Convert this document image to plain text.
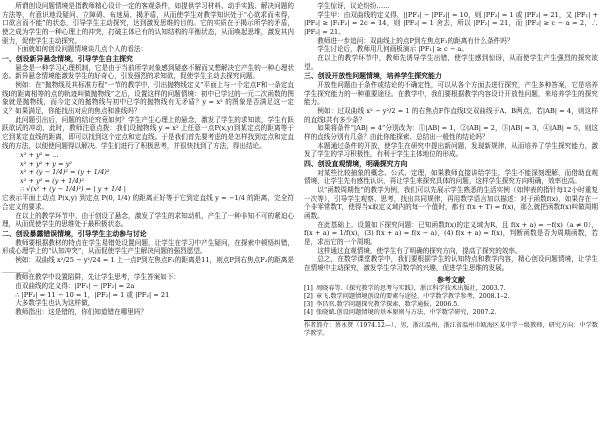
所谓创设问题情境是指教师精心设计一定的客观条件，如提供学习材料、动手实践、解决问题的方法等，有意识地设疑问、立障碍、布迷局、揭矛盾，从而使学生对教学知识处于“心欲求而未得，口欲言而不能”的状态，引导学生主动探究，达到激发思维的目的。它的实质在于揭示所学的矛盾，使之成为学生的一种心理上的冲突，打破主体已有的认知结构的平衡状态，从而唤起思维，激发其内驱力，促使学生主动探究。

下面就如何创设问题情境谈几点个人的看法：

一、创设新异悬念情境，引导学生自主探究

悬念是一种学习心理机制，它是由于当前所学对象感到疑惑不解而又想解决它产生的一种心理状态。新异悬念情境能激发学生的好奇心，引发强烈的求知欲，促使学生主动去探究问题。

例如：在“抛物线及其标准方程”一节的教学中，引出抛物线定义“平面上与一个定点F和一条定直线l的距离相等的点的轨迹叫做抛物线”之后，设置这样的问题情境：初中已学过的一元二次函数的图象就是抛物线，而今定义的抛物线与初中已学的抛物线有无矛盾？y = x² 的图象是否满足这一定义？如果满足，你能找出对应的焦点和准线吗？

此问题引出后，问题的结论究竟如何？学生产生心理上的悬念，激发了学生的求知欲，学生有跃跃欲试的冲动，此时，教师注意点拨：我们设抛物线 y = x² 上任意一点P(x,y)到某定点的距离等于它到某定直线的距离，即可以找到这个定点和定直线。于是我们首先要考虑的是怎样找到定点和定直线的方法，以便使问题得以解决。学生们进行了积极思考，并很快找到了方法，得出结论。

x² + y² = …
x² + y² + y = y²
x² + (y − 1/4)² = (y + 1/4)²
x² + y² = (y + 1/4)²
∴ √(x² + (y − 1/4)²) = | y + 1/4 |

它表示平面上动点 P(x,y) 到定点 P(0, 1/4) 的距离正好等于它到定直线 y = −1/4 的距离，完全符合定义的要求。

在以上的教学环节中，由于创设了悬念，激发了学生的求知动机，产生了一种非知不可的紧迫心理，从而促使学生的思维处于最积极状态。

二、创设暴露错误情境，引导学生主动参与讨论

教师要根据教材的特点在学生易错处设置问题，让学生在学习中产生疑问，在探索中顿悟纠错，形成心理学上的“认知冲突”，从而促使学生产生解决问题的强烈愿望。

例如：双曲线 x²/25 − y²/24 = 1 上一点P到左焦点F₁的距离是11，则点P到右焦点F₂的距离是________。

教师在教学中设置陷阱，先让学生思考，学生答案如下：

由双曲线的定义得：|PF₁| − |PF₂| = 2a

∴ |PF₂| = 11 − 10 = 1，|PF₂| = 1 或 |PF₂| = 21

大多数学生也认为这样做，

教师指出：这是错的，你们知道错在哪里吗？

学生惊讶，议论纷纷……

学生甲：由双曲线的定义得，||PF₁| − |PF₂|| = 10，则 |PF₂| = 1 或 |PF₂| = 21，又 |PF₁| + |PF₂| ≥ |F₁F₂| = 2c = 14，则 |PF₂| = 1 舍去，所以 |PF₂| = 21，而 |PF₂| ≥ c − a = 2，∴ |PF₂| = 21。

教师进一步追问：双曲线上的点P到左焦点F₁的距离有什么条件吗？

学生讨论后，教师用几何画板演示 |PF₁| ≥ c − a。

在以上的教学环节中，教师先诱导学生出错，使学生感到惊讶，从而使学生产生强烈的探究欲望。

三、创设开放性问题情境，培养学生探究能力

开放性问题由于条件或结论的不确定性，可以从各个方面去进行探究，产生多种答案，它是培养学生探究能力的一种重要途径。在教学中，我们要根据教学内容设计开放性问题，来培养学生的探究能力。

例如：过双曲线 x² − y²/2 = 1 的右焦点F作直线l交双曲线于A、B两点，若|AB| = 4，则这样的直线l共有多少条？

如果将条件“|AB| = 4”分别改为：①|AB| = 1，②|AB| = 2，③|AB| = 3，④|AB| = 5，则这样的直线分别有几条？由此你能探索、总结出一般性的结论吗？

本题通过条件的开放，使学生在研究中提出新问题，发现新规律，从而培养了学生探究能力，激发了学生的学习积极性，有利于学生主体地位的形成。

四、创设直观情境，明确探究方向

对某些比较抽象的概念、公式、定理，如果教师直接讲给学生，学生不能深刻理解，而借助直观情境，让学生先有感性认识，再让学生来探究具体的问题，这样学生探究方向明确，效率也高。

以“函数周期性”的教学为例，我们可以先展示学生熟悉的生活实例（如钟表的指针每12小时重复一次等），引导学生观察、思考，找出共同规律，再用数学语言加以描述：对于函数f(x)，如果存在一个非零常数T，使得当x取定义域内的每一个值时，都有 f(x + T) = f(x)，那么就把函数f(x)叫做周期函数。

在此基础上，设置如下探究问题：已知函数f(x)的定义域为R，且 f(x + a) = −f(x)（a ≠ 0），f(x + a) = 1/f(x)，(3) f(x + a) = f(x − a)，(4) f(x + a) = f(x)，判断函数是否为周期函数，若是，求出它的一个周期。

这样通过直观情境，使学生有了明确的探究方向，提高了探究的效率。

总之，在数学课堂教学中，我们要根据学生的认知特点和教学内容，精心创设问题情境，让学生在情境中主动探究，激发学生学习数学的兴趣，促进学生思维的发展。

参考文献
[1] 周晓春等.《探究教学的思考与实践》，浙江科学技术出版社，2003.7.
[2] 章飞.数学问题情境创设的要素与途径，中学数学教学参考，2008.1–2.
[3] 李昌官.数学问题探究教学探索，数学通报，2006.5.
[4] 张晓斌.创设问题情境的基本原则与方法，中学数学研究，2007.2.

作者简介：蔡永贤（1974.12—），男，浙江温州，浙江省温州市瓯海区某中学一级教师，研究方向：中学数学教学。
